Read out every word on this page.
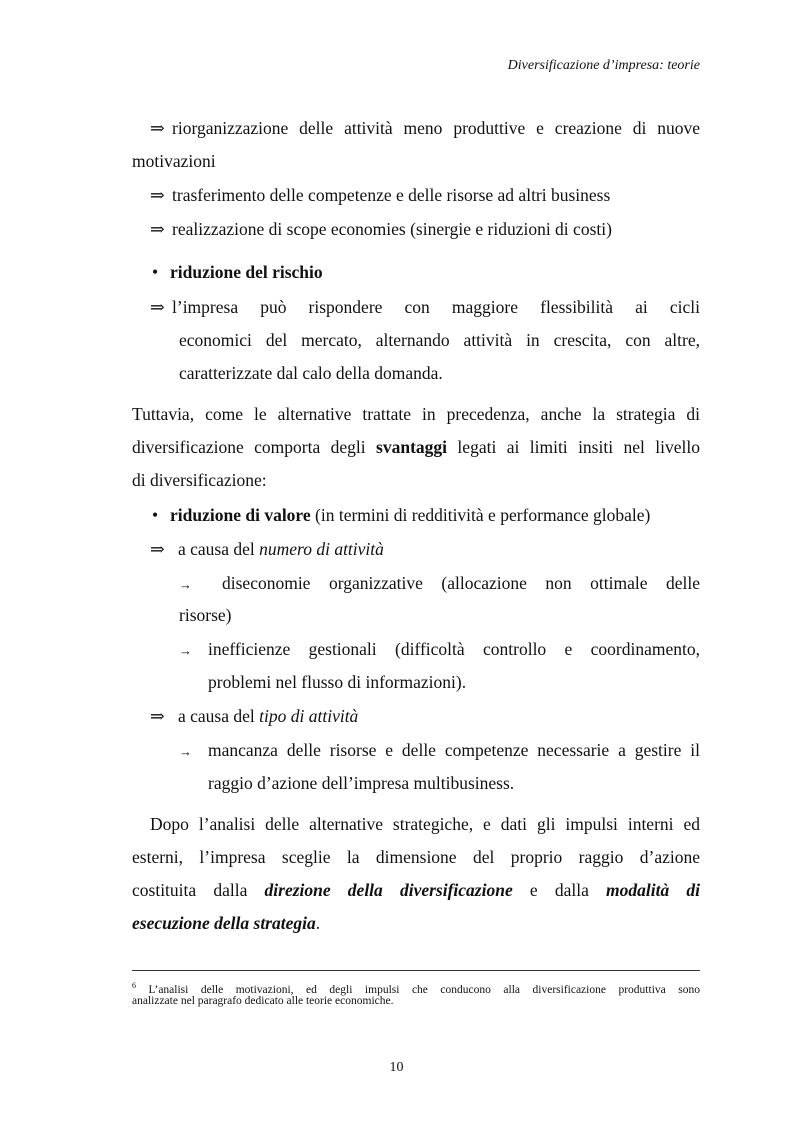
Diversificazione d’impresa: teorie
⇒ riorganizzazione delle attività meno produttive e creazione di nuove
motivazioni
⇒ trasferimento delle competenze e delle risorse ad altri business
⇒ realizzazione di scope economies (sinergie e riduzioni di costi)
• riduzione del rischio
⇒ l’impresa può rispondere con maggiore flessibilità ai cicli
economici del mercato, alternando attività in crescita, con altre,
caratterizzate dal calo della domanda.
Tuttavia, come le alternative trattate in precedenza, anche la strategia di
diversificazione comporta degli svantaggi legati ai limiti insiti nel livello
di diversificazione:
• riduzione di valore (in termini di redditività e performance globale)
⇒ a causa del numero di attività
→ diseconomie organizzative (allocazione non ottimale delle
risorse)
→ inefficienze gestionali (difficoltà controllo e coordinamento,
problemi nel flusso di informazioni).
⇒ a causa del tipo di attività
→ mancanza delle risorse e delle competenze necessarie a gestire il
raggio d’azione dell’impresa multibusiness.
Dopo l’analisi delle alternative strategiche, e dati gli impulsi interni ed
esterni, l’impresa sceglie la dimensione del proprio raggio d’azione
costituita dalla direzione della diversificazione e dalla modalità di
esecuzione della strategia.
$^6$ L’analisi delle motivazioni, ed degli impulsi che conducono alla diversificazione produttiva sono
analizzate nel paragrafo dedicato alle teorie economiche.
10
